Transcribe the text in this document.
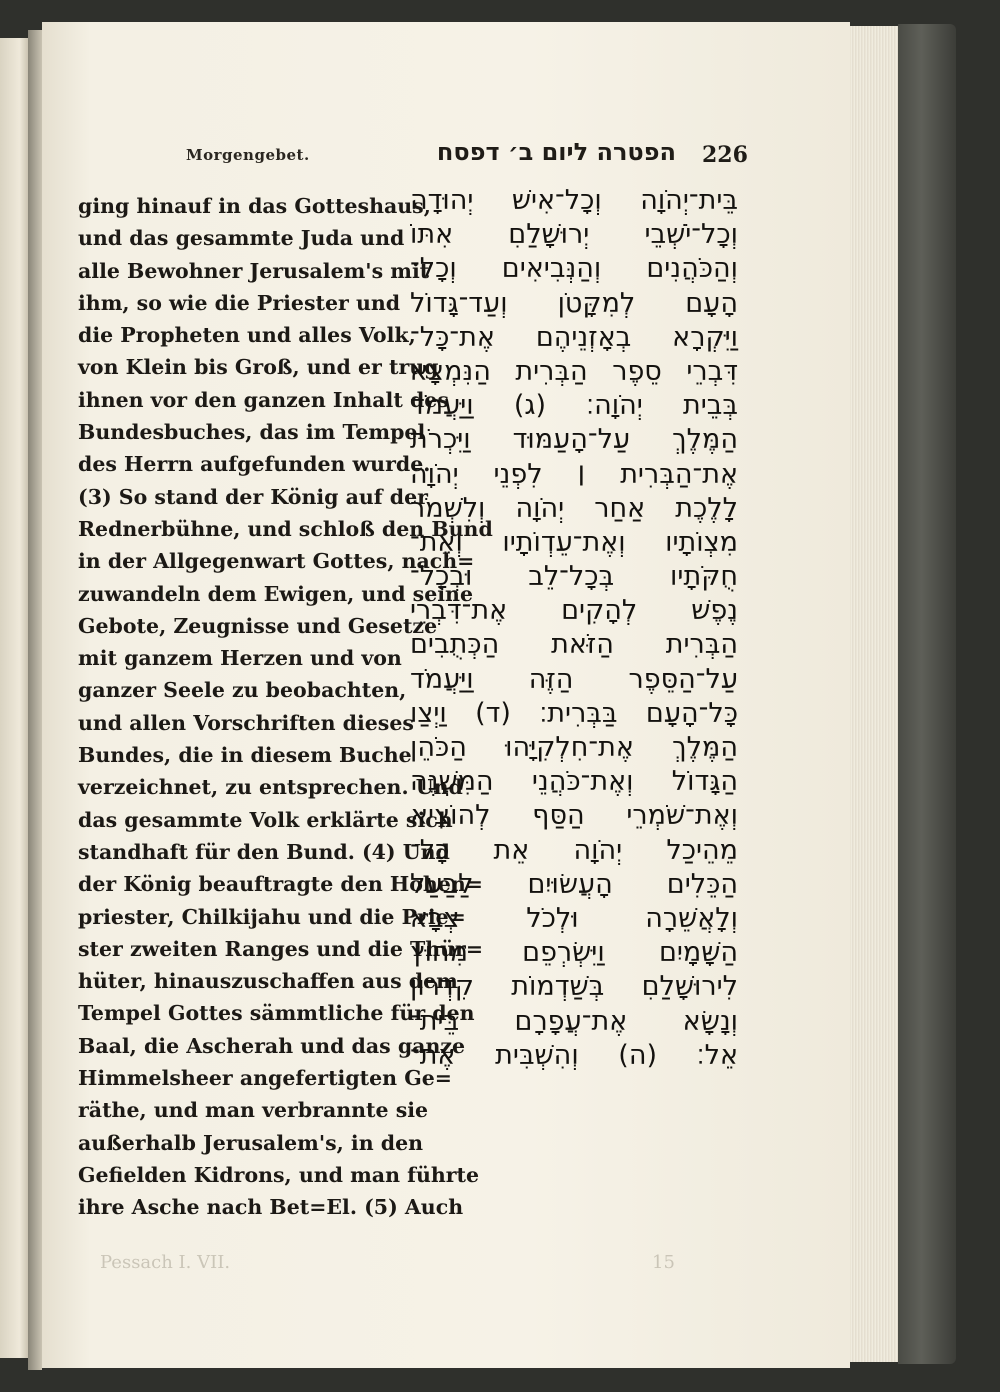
Morgengebet.	הפטרה ליום ב׳ דפסח 226
ging hinauf in das Gotteshaus,
und das gesammte Juda und
alle Bewohner Jerusalem's mit
ihm, so wie die Priester und
die Propheten und alles Volk,
von Klein bis Groß, und er trug
ihnen vor den ganzen Inhalt des
Bundesbuches, das im Tempel
des Herrn aufgefunden wurde.
(3) So stand der König auf der
Rednerbühne, und schloß den Bund
in der Allgegenwart Gottes, nach=
zuwandeln dem Ewigen, und seine
Gebote, Zeugnisse und Gesetze
mit ganzem Herzen und von
ganzer Seele zu beobachten,
und allen Vorschriften dieses
Bundes, die in diesem Buche
verzeichnet, zu entsprechen. Und
das gesammte Volk erklärte sich
standhaft für den Bund. (4) Und
der König beauftragte den Hohen=
priester, Chilkijahu und die Prie=
ster zweiten Ranges und die Thür=
hüter, hinauszuschaffen aus dem
Tempel Gottes sämmtliche für den
Baal, die Ascherah und das ganze
Himmelsheer angefertigten Ge=
räthe, und man verbrannte sie
außerhalb Jerusalem's, in den
Gefielden Kidrons, und man führte
ihre Asche nach Bet=El. (5) Auch
בֵּית־יְהֹוָה וְכָל־אִישׁ יְהוּדָה
וְכָל־יֹשְׁבֵי יְרוּשָׁלַםִ אִתּוֹ
וְהַכֹּהֲנִים וְהַנְּבִיאִים וְכָל־
הָעָם לְמִקָּטֹן וְעַד־גָּדוֹל
וַיִּקְרָא בְאָזְנֵיהֶם אֶת־כָּל־
דִּבְרֵי סֵפֶר הַבְּרִית הַנִּמְצָא
בְּבֵית יְהֹוָה׃ (ג) וַיַּעֲמֹד
הַמֶּלֶךְ עַל־הָעַמּוּד וַיִּכְרֹת
אֶת־הַבְּרִית ׀ לִפְנֵי יְהֹוָה
לָלֶכֶת אַחַר יְהֹוָה וְלִשְׁמֹר
מִצְוֹתָיו וְאֶת־עֵדְוֹתָיו וְאֶת־
חֻקֹּתָיו בְּכָל־לֵב וּבְכָל־
נֶפֶשׁ לְהָקִים אֶת־דִּבְרֵי
הַבְּרִית הַזֹּאת הַכְּתֻבִים
עַל־הַסֵּפֶר הַזֶּה וַיַּעֲמֹד
כָּל־הָעָם בַּבְּרִית׃ (ד) וַיְצַו
הַמֶּלֶךְ אֶת־חִלְקִיָּהוּ הַכֹּהֵן
הַגָּדוֹל וְאֶת־כֹּהֲנֵי הַמִּשְׁנֶה
וְאֶת־שֹׁמְרֵי הַסַּף לְהוֹצִיא
מֵהֵיכַל יְהֹוָה אֵת כָּל־
הַכֵּלִים הָעֲשׂוּיִם לַבַּעַל
וְלָאֲשֵׁרָה וּלְכֹל צְבָא
הַשָּׁמָיִם וַיִּשְׂרְפֵם מִחוּץ
לִירוּשָׁלַםִ בְּשַׁדְמוֹת קִדְרוֹן
וְנָשָׂא אֶת־עֲפָרָם בֵּית־
אֵל׃ (ה) וְהִשְׁבִּית אֶת־
Pessach I. VII.	15
